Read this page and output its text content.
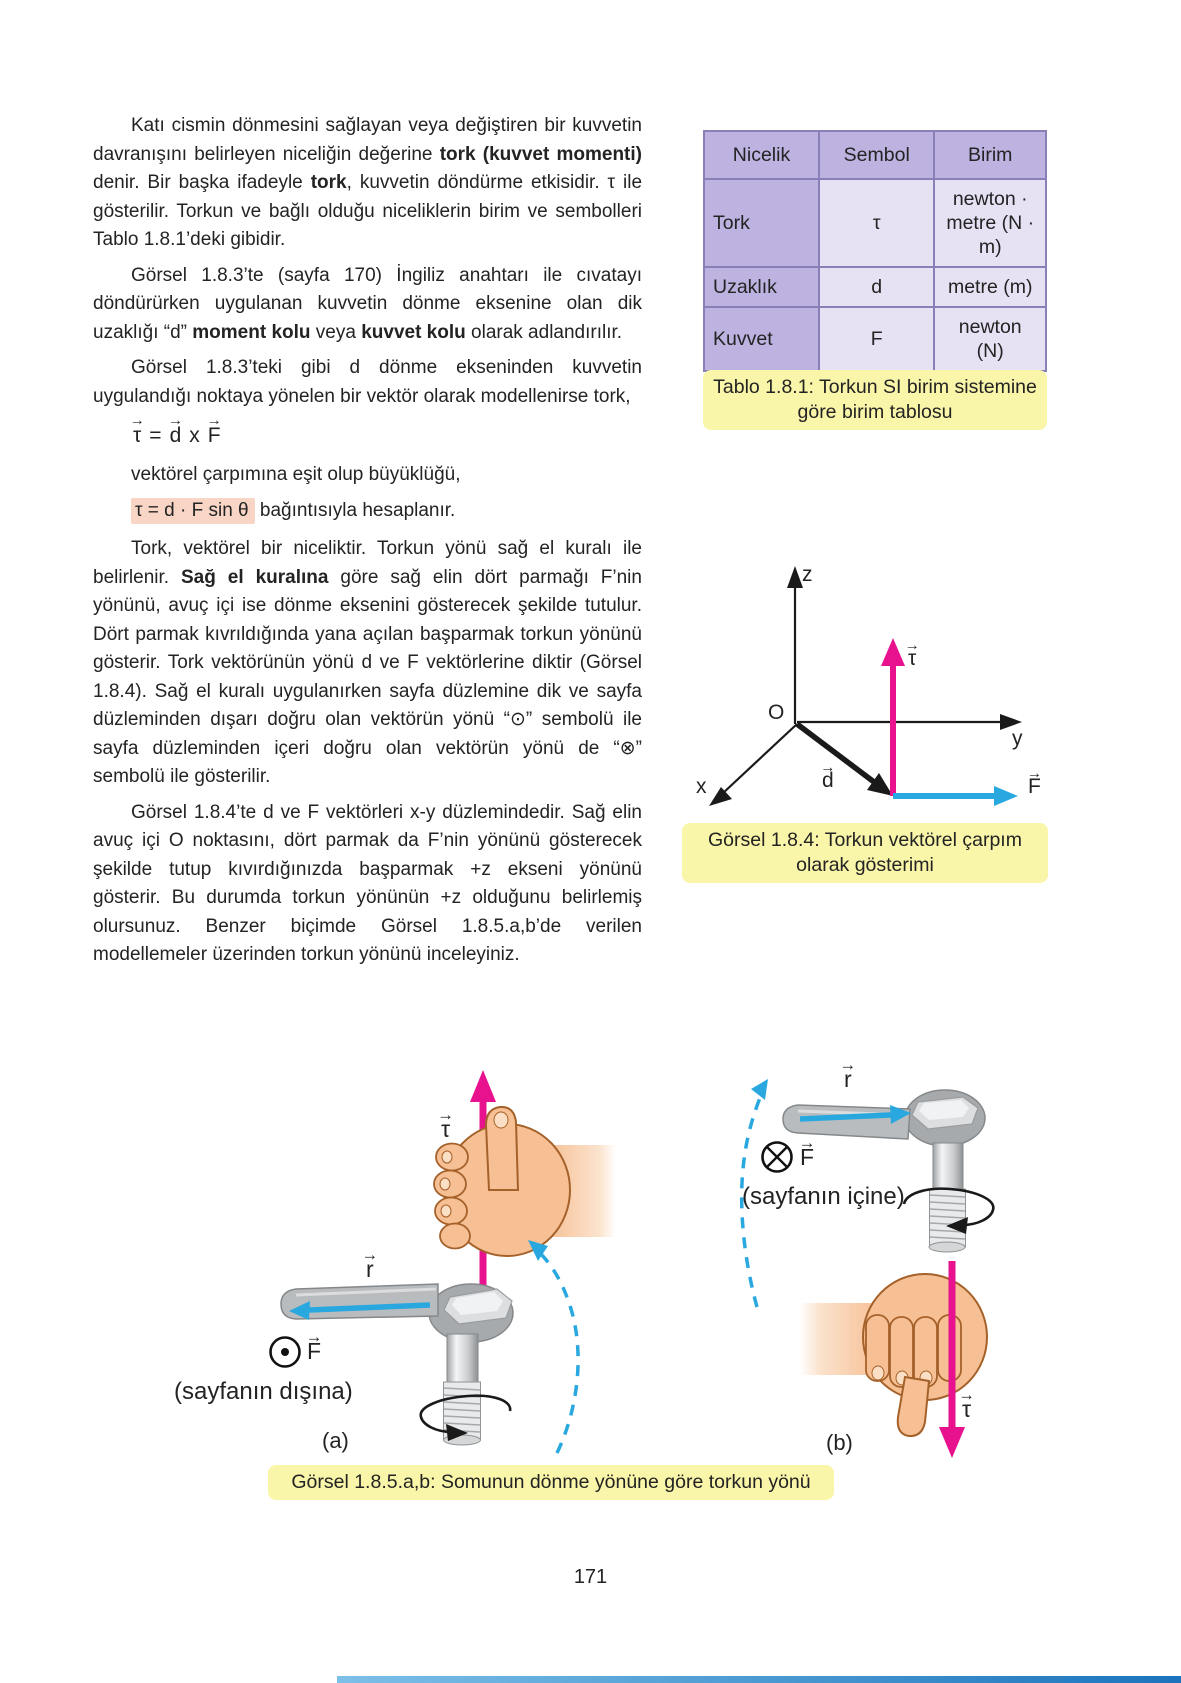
Katı cismin dönmesini sağlayan veya değiştiren bir kuvvetin davranışını belirleyen niceliğin değerine tork (kuvvet momenti) denir. Bir başka ifadeyle tork, kuvvetin döndürme etkisidir. τ ile gösterilir. Torkun ve bağlı olduğu niceliklerin birim ve sembolleri Tablo 1.8.1’deki gibidir.

Görsel 1.8.3’te (sayfa 170) İngiliz anahtarı ile cıvatayı döndürürken uygulanan kuvvetin dönme eksenine olan dik uzaklığı “d” moment kolu veya kuvvet kolu olarak adlandırılır.

Görsel 1.8.3’teki gibi d dönme ekseninden kuvvetin uygulandığı noktaya yönelen bir vektör olarak modellenirse tork,

→ τ = → d x → F

vektörel çarpımına eşit olup büyüklüğü,

τ = d · F sin θ bağıntısıyla hesaplanır.

Tork, vektörel bir niceliktir. Torkun yönü sağ el kuralı ile belirlenir. Sağ el kuralına göre sağ elin dört parmağı F’nin yönünü, avuç içi ise dönme eksenini gösterecek şekilde tutulur. Dört parmak kıvrıldığında yana açılan başparmak torkun yönünü gösterir. Tork vektörünün yönü d ve F vektörlerine diktir (Görsel 1.8.4). Sağ el kuralı uygulanırken sayfa düzlemine dik ve sayfa düzleminden dışarı doğru olan vektörün yönü “⊙” sembolü ile sayfa düzleminden içeri doğru olan vektörün yönü de “⊗” sembolü ile gösterilir.

Görsel 1.8.4’te d ve F vektörleri x-y düzlemindedir. Sağ elin avuç içi O noktasını, dört parmak da F’nin yönünü gösterecek şekilde tutup kıvırdığınızda başparmak +z ekseni yönünü gösterir. Bu durumda torkun yönünün +z olduğunu belirlemiş olursunuz. Benzer biçimde Görsel 1.8.5.a,b’de verilen modellemeler üzerinden torkun yönünü inceleyiniz.

Nicelik	Sembol	Birim
Tork	τ	newton · metre (N · m)
Uzaklık	d	metre (m)
Kuvvet	F	newton (N)
Tablo 1.8.1: Torkun SI birim sistemine göre birim tablosu
z
O
y
x	→ d
→ τ
→ F
Görsel 1.8.4: Torkun vektörel çarpım olarak gösterimi
→ τ
→ r
→ F
(sayfanın dışına)
(a)
→ r
→ F
(sayfanın içine)
→ τ
(b)
Görsel 1.8.5.a,b: Somunun dönme yönüne göre torkun yönü
171
